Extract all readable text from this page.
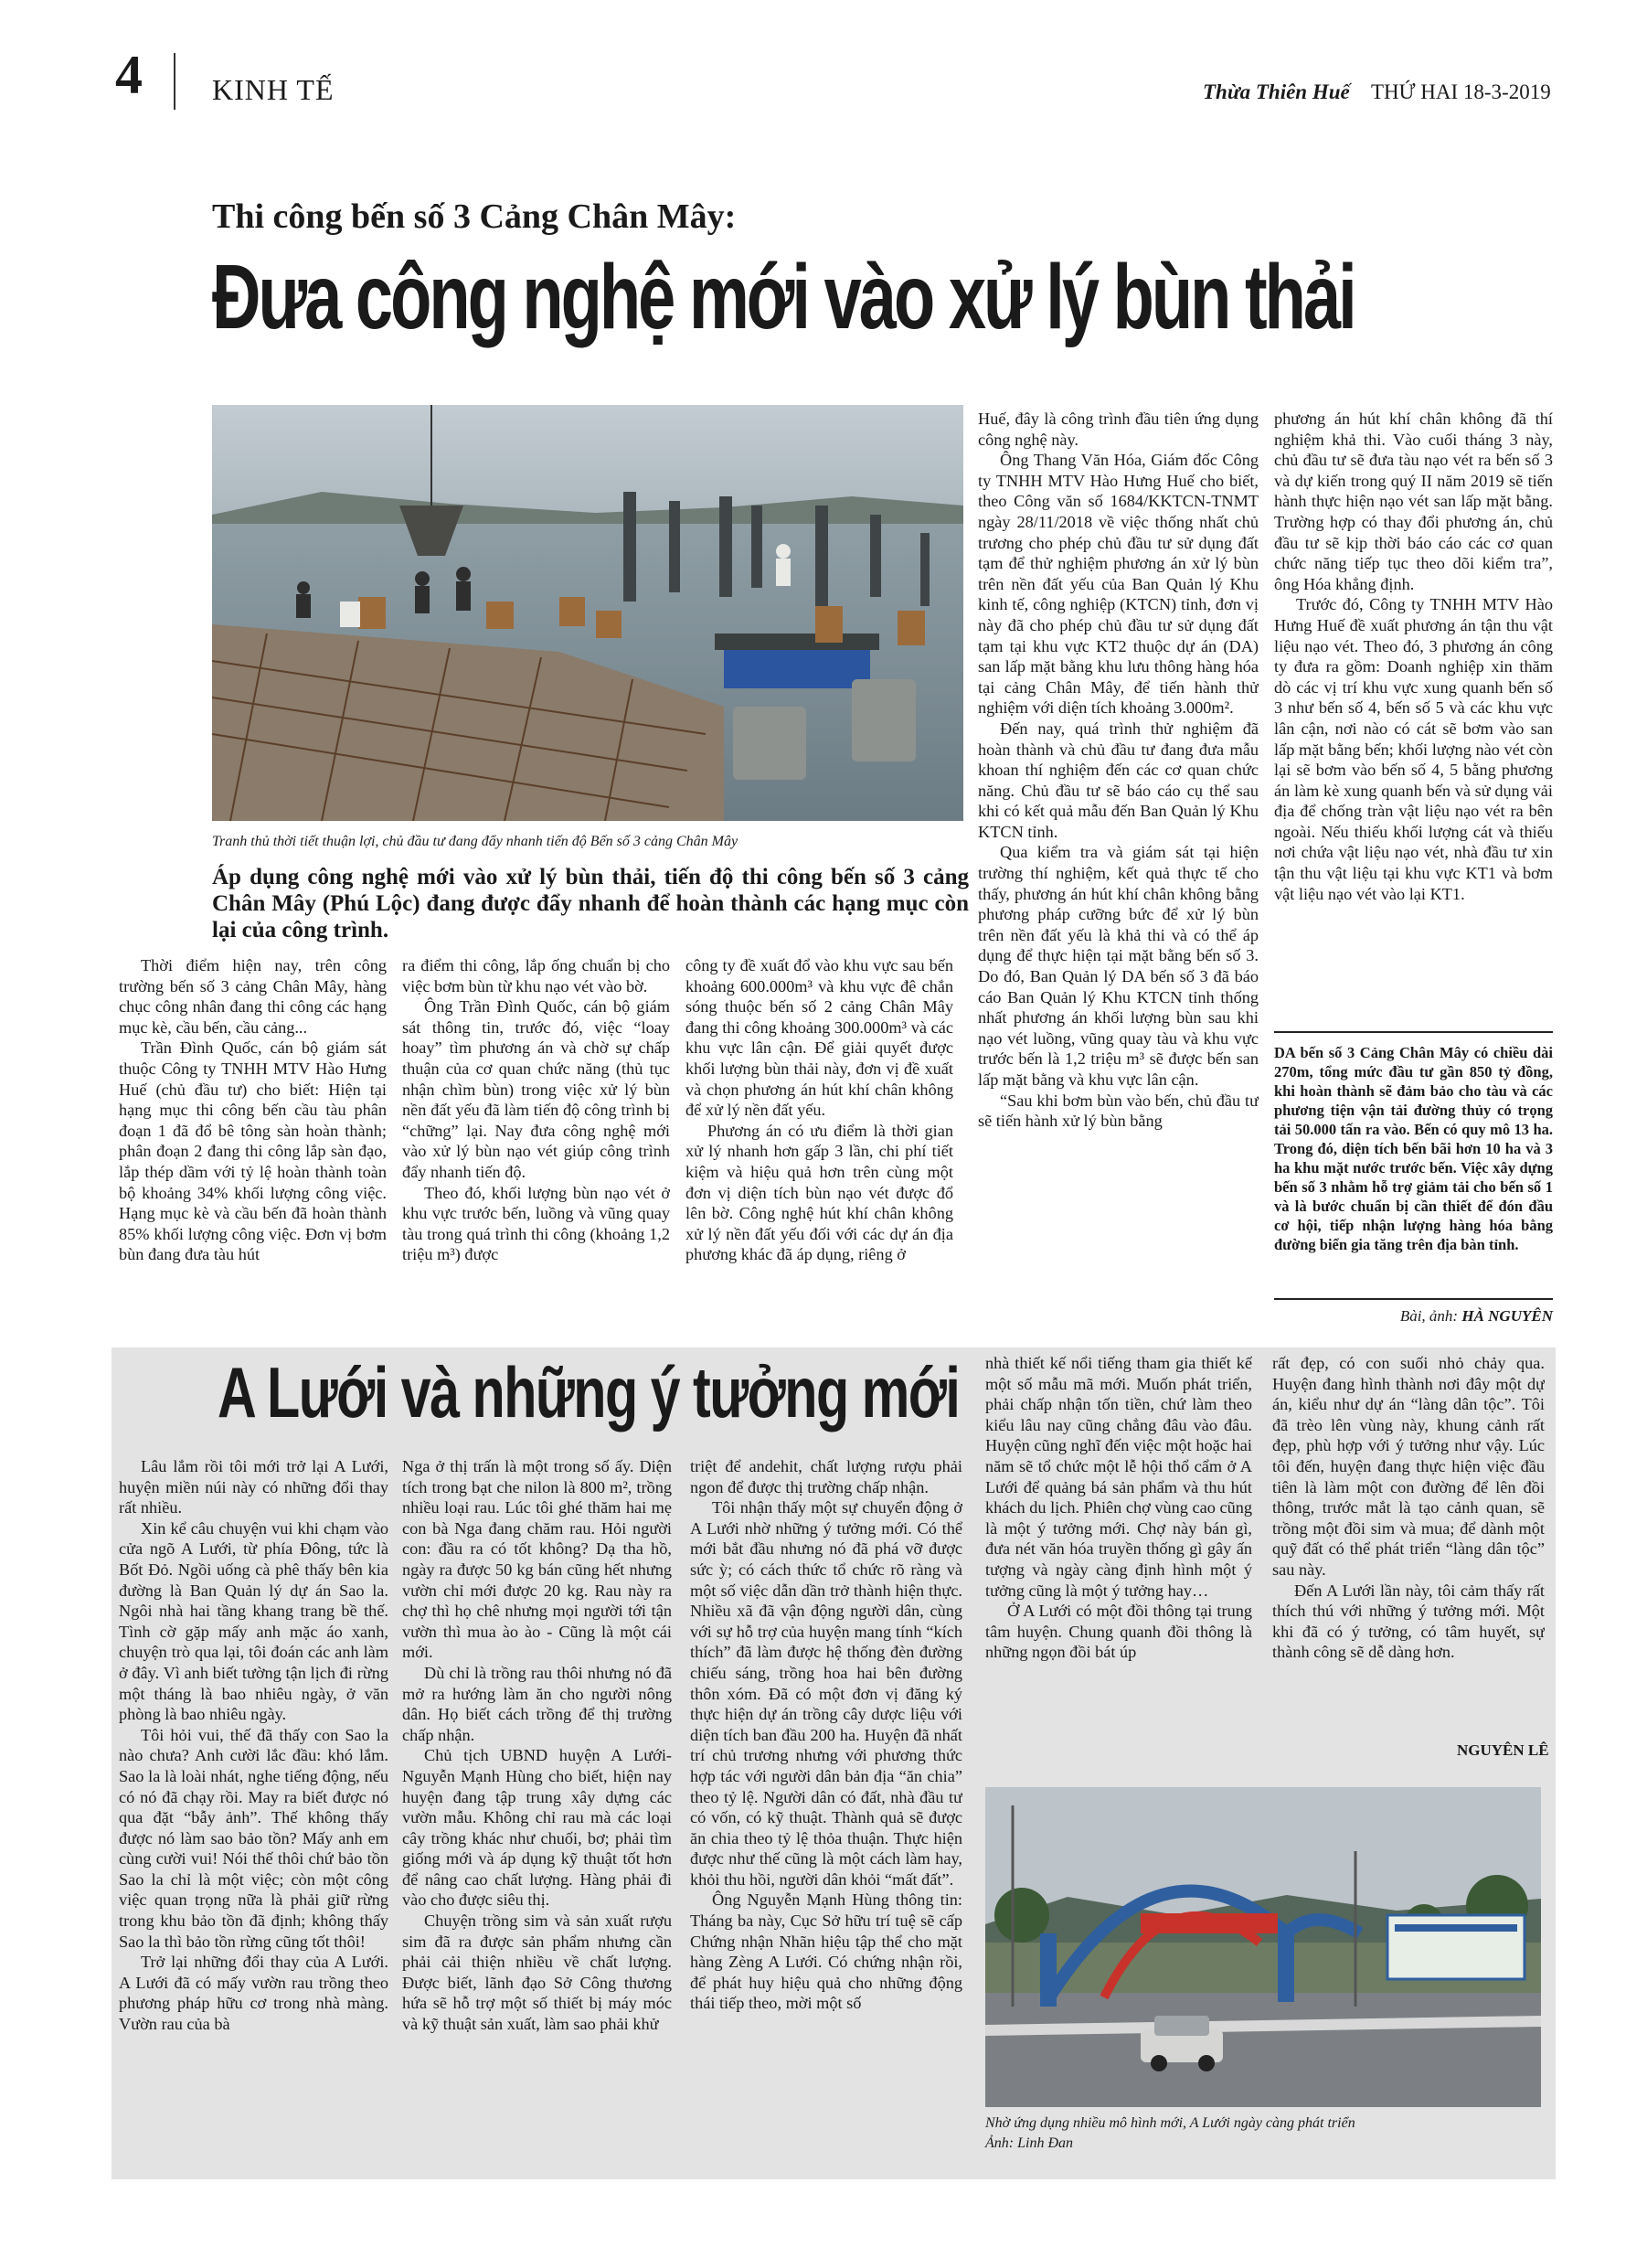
4 KINH TẾ	Thừa Thiên Huế THỨ HAI 18-3-2019
Thi công bến số 3 Cảng Chân Mây:
Đưa công nghệ mới vào xử lý bùn thải
Tranh thủ thời tiết thuận lợi, chủ đầu tư đang đẩy nhanh tiến độ Bến số 3 cảng Chân Mây
Áp dụng công nghệ mới vào xử lý bùn thải, tiến độ thi công bến số 3 cảng Chân Mây (Phú Lộc) đang được đẩy nhanh để hoàn thành các hạng mục còn lại của công trình.

Thời điểm hiện nay, trên công trường bến số 3 cảng Chân Mây, hàng chục công nhân đang thi công các hạng mục kè, cầu bến, cầu cảng...

Trần Đình Quốc, cán bộ giám sát thuộc Công ty TNHH MTV Hào Hưng Huế (chủ đầu tư) cho biết: Hiện tại hạng mục thi công bến cầu tàu phân đoạn 1 đã đổ bê tông sàn hoàn thành; phân đoạn 2 đang thi công lắp sàn đạo, lắp thép dầm với tỷ lệ hoàn thành toàn bộ khoảng 34% khối lượng công việc. Hạng mục kè và cầu bến đã hoàn thành 85% khối lượng công việc. Đơn vị bơm bùn đang đưa tàu hút

ra điểm thi công, lắp ống chuẩn bị cho việc bơm bùn từ khu nạo vét vào bờ.

Ông Trần Đình Quốc, cán bộ giám sát thông tin, trước đó, việc “loay hoay” tìm phương án và chờ sự chấp thuận của cơ quan chức năng (thủ tục nhận chìm bùn) trong việc xử lý bùn nền đất yếu đã làm tiến độ công trình bị “chững” lại. Nay đưa công nghệ mới vào xử lý bùn nạo vét giúp công trình đẩy nhanh tiến độ.

Theo đó, khối lượng bùn nạo vét ở khu vực trước bến, luồng và vũng quay tàu trong quá trình thi công (khoảng 1,2 triệu m³) được

công ty đề xuất đổ vào khu vực sau bến khoảng 600.000m³ và khu vực đê chắn sóng thuộc bến số 2 cảng Chân Mây đang thi công khoảng 300.000m³ và các khu vực lân cận. Để giải quyết được khối lượng bùn thải này, đơn vị đề xuất và chọn phương án hút khí chân không để xử lý nền đất yếu.

Phương án có ưu điểm là thời gian xử lý nhanh hơn gấp 3 lần, chi phí tiết kiệm và hiệu quả hơn trên cùng một đơn vị diện tích bùn nạo vét được đổ lên bờ. Công nghệ hút khí chân không xử lý nền đất yếu đối với các dự án địa phương khác đã áp dụng, riêng ở

Huế, đây là công trình đầu tiên ứng dụng công nghệ này.

Ông Thang Văn Hóa, Giám đốc Công ty TNHH MTV Hào Hưng Huế cho biết, theo Công văn số 1684/KKTCN-TNMT ngày 28/11/2018 về việc thống nhất chủ trương cho phép chủ đầu tư sử dụng đất tạm để thử nghiệm phương án xử lý bùn trên nền đất yếu của Ban Quản lý Khu kinh tế, công nghiệp (KTCN) tỉnh, đơn vị này đã cho phép chủ đầu tư sử dụng đất tạm tại khu vực KT2 thuộc dự án (DA) san lấp mặt bằng khu lưu thông hàng hóa tại cảng Chân Mây, để tiến hành thử nghiệm với diện tích khoảng 3.000m².

Đến nay, quá trình thử nghiệm đã hoàn thành và chủ đầu tư đang đưa mẫu khoan thí nghiệm đến các cơ quan chức năng. Chủ đầu tư sẽ báo cáo cụ thể sau khi có kết quả mẫu đến Ban Quản lý Khu KTCN tỉnh.

Qua kiểm tra và giám sát tại hiện trường thí nghiệm, kết quả thực tế cho thấy, phương án hút khí chân không bằng phương pháp cưỡng bức để xử lý bùn trên nền đất yếu là khả thi và có thể áp dụng để thực hiện tại mặt bằng bến số 3. Do đó, Ban Quản lý DA bến số 3 đã báo cáo Ban Quản lý Khu KTCN tỉnh thống nhất phương án khối lượng bùn sau khi nạo vét luồng, vũng quay tàu và khu vực trước bến là 1,2 triệu m³ sẽ được bến san lấp mặt bằng và khu vực lân cận.

“Sau khi bơm bùn vào bến, chủ đầu tư sẽ tiến hành xử lý bùn bằng

phương án hút khí chân không đã thí nghiệm khả thi. Vào cuối tháng 3 này, chủ đầu tư sẽ đưa tàu nạo vét ra bến số 3 và dự kiến trong quý II năm 2019 sẽ tiến hành thực hiện nạo vét san lấp mặt bằng. Trường hợp có thay đổi phương án, chủ đầu tư sẽ kịp thời báo cáo các cơ quan chức năng tiếp tục theo dõi kiểm tra”, ông Hóa khẳng định.

Trước đó, Công ty TNHH MTV Hào Hưng Huế đề xuất phương án tận thu vật liệu nạo vét. Theo đó, 3 phương án công ty đưa ra gồm: Doanh nghiệp xin thăm dò các vị trí khu vực xung quanh bến số 3 như bến số 4, bến số 5 và các khu vực lân cận, nơi nào có cát sẽ bơm vào san lấp mặt bằng bến; khối lượng nào vét còn lại sẽ bơm vào bến số 4, 5 bằng phương án làm kè xung quanh bến và sử dụng vải địa để chống tràn vật liệu nạo vét ra bên ngoài. Nếu thiếu khối lượng cát và thiếu nơi chứa vật liệu nạo vét, nhà đầu tư xin tận thu vật liệu tại khu vực KT1 và bơm vật liệu nạo vét vào lại KT1.

DA bến số 3 Cảng Chân Mây có chiều dài 270m, tổng mức đầu tư gần 850 tỷ đồng, khi hoàn thành sẽ đảm bảo cho tàu và các phương tiện vận tải đường thủy có trọng tải 50.000 tấn ra vào. Bến có quy mô 13 ha. Trong đó, diện tích bến bãi hơn 10 ha và 3 ha khu mặt nước trước bến. Việc xây dựng bến số 3 nhằm hỗ trợ giảm tải cho bến số 1 và là bước chuẩn bị cần thiết để đón đầu cơ hội, tiếp nhận lượng hàng hóa bằng đường biển gia tăng trên địa bàn tỉnh.
Bài, ảnh: HÀ NGUYÊN
A Lưới và những ý tưởng mới

Lâu lắm rồi tôi mới trở lại A Lưới, huyện miền núi này có những đổi thay rất nhiều.

Xin kể câu chuyện vui khi chạm vào cửa ngõ A Lưới, từ phía Đông, tức là Bốt Đỏ. Ngồi uống cà phê thấy bên kia đường là Ban Quản lý dự án Sao la. Ngôi nhà hai tầng khang trang bề thế. Tình cờ gặp mấy anh mặc áo xanh, chuyện trò qua lại, tôi đoán các anh làm ở đây. Vì anh biết tường tận lịch đi rừng một tháng là bao nhiêu ngày, ở văn phòng là bao nhiêu ngày.

Tôi hỏi vui, thế đã thấy con Sao la nào chưa? Anh cười lắc đầu: khó lắm. Sao la là loài nhát, nghe tiếng động, nếu có nó đã chạy rồi. May ra biết được nó qua đặt “bẫy ảnh”. Thế không thấy được nó làm sao bảo tồn? Mấy anh em cùng cười vui! Nói thế thôi chứ bảo tồn Sao la chỉ là một việc; còn một công việc quan trọng nữa là phải giữ rừng trong khu bảo tồn đã định; không thấy Sao la thì bảo tồn rừng cũng tốt thôi!

Trở lại những đổi thay của A Lưới. A Lưới đã có mấy vườn rau trồng theo phương pháp hữu cơ trong nhà màng. Vườn rau của bà

Nga ở thị trấn là một trong số ấy. Diện tích trong bạt che nilon là 800 m², trồng nhiều loại rau. Lúc tôi ghé thăm hai mẹ con bà Nga đang chăm rau. Hỏi người con: đầu ra có tốt không? Dạ tha hồ, ngày ra được 50 kg bán cũng hết nhưng vườn chỉ mới được 20 kg. Rau này ra chợ thì họ chê nhưng mọi người tới tận vườn thì mua ào ào - Cũng là một cái mới.

Dù chỉ là trồng rau thôi nhưng nó đã mở ra hướng làm ăn cho người nông dân. Họ biết cách trồng để thị trường chấp nhận.

Chủ tịch UBND huyện A Lưới- Nguyễn Mạnh Hùng cho biết, hiện nay huyện đang tập trung xây dựng các vườn mẫu. Không chỉ rau mà các loại cây trồng khác như chuối, bơ; phải tìm giống mới và áp dụng kỹ thuật tốt hơn để nâng cao chất lượng. Hàng phải đi vào cho được siêu thị.

Chuyện trồng sim và sản xuất rượu sim đã ra được sản phẩm nhưng cần phải cải thiện nhiều về chất lượng. Được biết, lãnh đạo Sở Công thương hứa sẽ hỗ trợ một số thiết bị máy móc và kỹ thuật sản xuất, làm sao phải khử

triệt để andehit, chất lượng rượu phải ngon để được thị trường chấp nhận.

Tôi nhận thấy một sự chuyển động ở A Lưới nhờ những ý tưởng mới. Có thể mới bắt đầu nhưng nó đã phá vỡ được sức ỳ; có cách thức tổ chức rõ ràng và một số việc dẫn dần trở thành hiện thực. Nhiều xã đã vận động người dân, cùng với sự hỗ trợ của huyện mang tính “kích thích” đã làm được hệ thống đèn đường chiếu sáng, trồng hoa hai bên đường thôn xóm. Đã có một đơn vị đăng ký thực hiện dự án trồng cây dược liệu với diện tích ban đầu 200 ha. Huyện đã nhất trí chủ trương nhưng với phương thức hợp tác với người dân bản địa “ăn chia” theo tỷ lệ. Người dân có đất, nhà đầu tư có vốn, có kỹ thuật. Thành quả sẽ được ăn chia theo tỷ lệ thỏa thuận. Thực hiện được như thế cũng là một cách làm hay, khỏi thu hồi, người dân khỏi “mất đất”.

Ông Nguyễn Mạnh Hùng thông tin: Tháng ba này, Cục Sở hữu trí tuệ sẽ cấp Chứng nhận Nhãn hiệu tập thể cho mặt hàng Zèng A Lưới. Có chứng nhận rồi, để phát huy hiệu quả cho những động thái tiếp theo, mời một số

nhà thiết kế nổi tiếng tham gia thiết kế một số mẫu mã mới. Muốn phát triển, phải chấp nhận tốn tiền, chứ làm theo kiểu lâu nay cũng chẳng đâu vào đâu. Huyện cũng nghĩ đến việc một hoặc hai năm sẽ tổ chức một lễ hội thổ cẩm ở A Lưới để quảng bá sản phẩm và thu hút khách du lịch. Phiên chợ vùng cao cũng là một ý tưởng mới. Chợ này bán gì, đưa nét văn hóa truyền thống gì gây ấn tượng và ngày càng định hình một ý tưởng cũng là một ý tưởng hay…

Ở A Lưới có một đồi thông tại trung tâm huyện. Chung quanh đồi thông là những ngọn đồi bát úp

rất đẹp, có con suối nhỏ chảy qua. Huyện đang hình thành nơi đây một dự án, kiểu như dự án “làng dân tộc”. Tôi đã trèo lên vùng này, khung cảnh rất đẹp, phù hợp với ý tưởng như vậy. Lúc tôi đến, huyện đang thực hiện việc đầu tiên là làm một con đường để lên đồi thông, trước mắt là tạo cảnh quan, sẽ trồng một đồi sim và mua; để dành một quỹ đất có thể phát triển “làng dân tộc” sau này.

Đến A Lưới lần này, tôi cảm thấy rất thích thú với những ý tưởng mới. Một khi đã có ý tưởng, có tâm huyết, sự thành công sẽ dễ dàng hơn.

NGUYÊN LÊ
Nhờ ứng dụng nhiều mô hình mới, A Lưới ngày càng phát triển
Ảnh: Linh Đan
